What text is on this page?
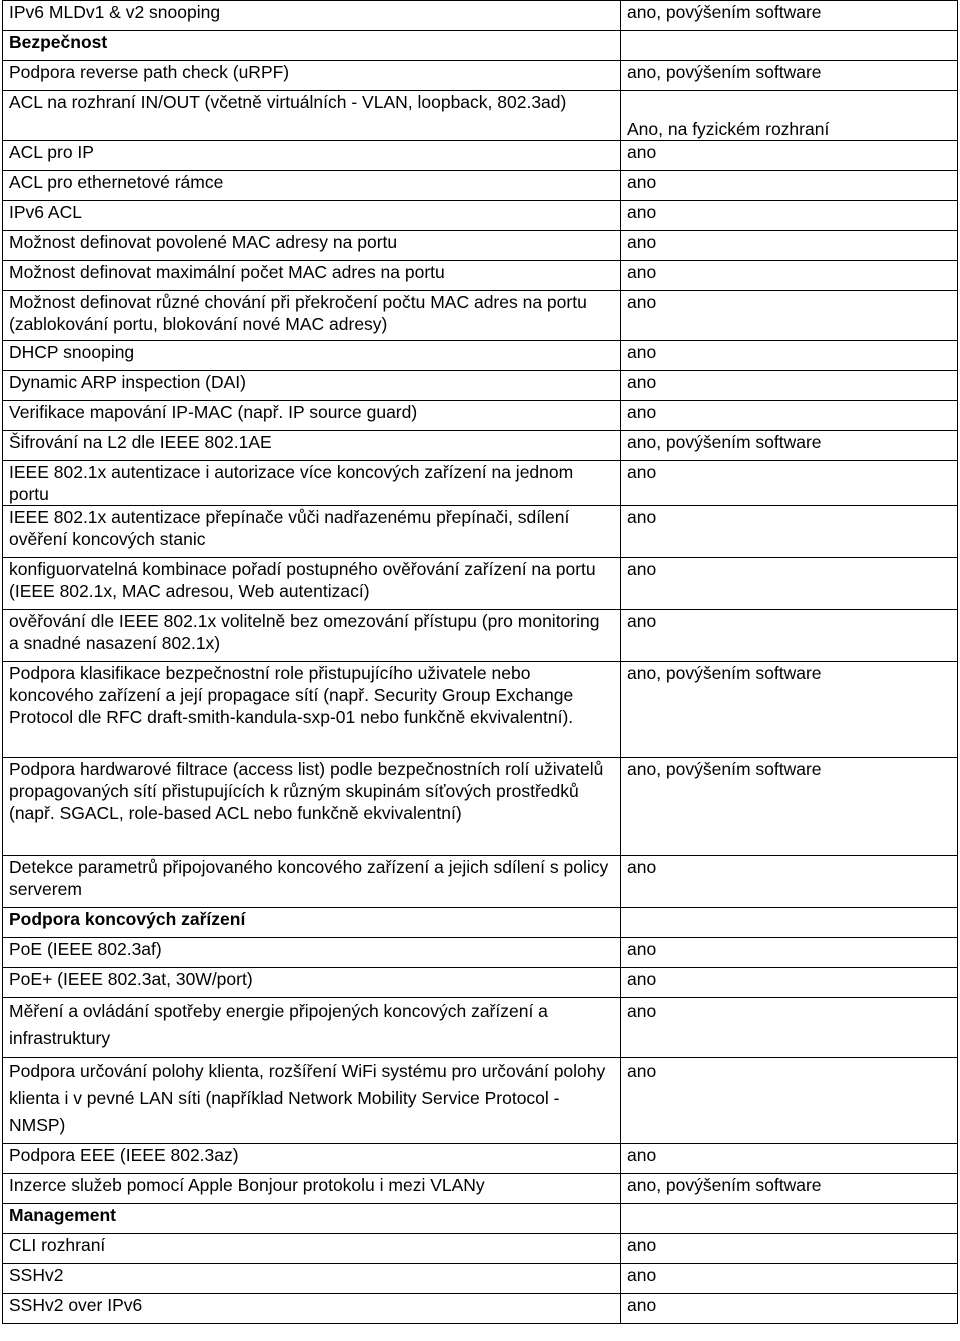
IPv6 MLDv1 & v2 snooping	ano, povýšením software
Bezpečnost	
Podpora reverse path check (uRPF)	ano, povýšením software
ACL na rozhraní IN/OUT (včetně virtuálních - VLAN, loopback, 802.3ad)	Ano, na fyzickém rozhraní
ACL pro IP	ano
ACL pro ethernetové rámce	ano
IPv6 ACL	ano
Možnost definovat povolené MAC adresy na portu	ano
Možnost definovat maximální počet MAC adres na portu	ano
Možnost definovat různé chování při překročení počtu MAC adres na portu (zablokování portu, blokování nové MAC adresy)	ano
DHCP snooping	ano
Dynamic ARP inspection (DAI)	ano
Verifikace mapování IP-MAC (např. IP source guard)	ano
Šifrování na L2 dle IEEE 802.1AE	ano, povýšením software
IEEE 802.1x autentizace i autorizace více koncových zařízení na jednom portu	ano
IEEE 802.1x autentizace přepínače vůči nadřazenému přepínači, sdílení ověření koncových stanic	ano
konfiguorvatelná kombinace pořadí postupného ověřování zařízení na portu (IEEE 802.1x, MAC adresou, Web autentizací)	ano
ověřování dle IEEE 802.1x volitelně bez omezování přístupu (pro monitoring a snadné nasazení 802.1x)	ano
Podpora klasifikace bezpečnostní role přistupujícího uživatele nebo koncového zařízení a její propagace sítí (např. Security Group Exchange Protocol dle RFC draft-smith-kandula-sxp-01 nebo funkčně ekvivalentní).	ano, povýšením software
Podpora hardwarové filtrace (access list) podle bezpečnostních rolí uživatelů propagovaných sítí přistupujících k různým skupinám síťových prostředků (např. SGACL, role-based ACL nebo funkčně ekvivalentní)	ano, povýšením software
Detekce parametrů připojovaného koncového zařízení a jejich sdílení s policy serverem	ano
Podpora koncových zařízení	
PoE (IEEE 802.3af)	ano
PoE+ (IEEE 802.3at, 30W/port)	ano
Měření a ovládání spotřeby energie připojených koncových zařízení a infrastruktury	ano
Podpora určování polohy klienta, rozšíření WiFi systému pro určování polohy klienta i v pevné LAN síti (například Network Mobility Service Protocol - NMSP)	ano
Podpora EEE (IEEE 802.3az)	ano
Inzerce služeb pomocí Apple Bonjour protokolu i mezi VLANy	ano, povýšením software
Management	
CLI rozhraní	ano
SSHv2	ano
SSHv2 over IPv6	ano
